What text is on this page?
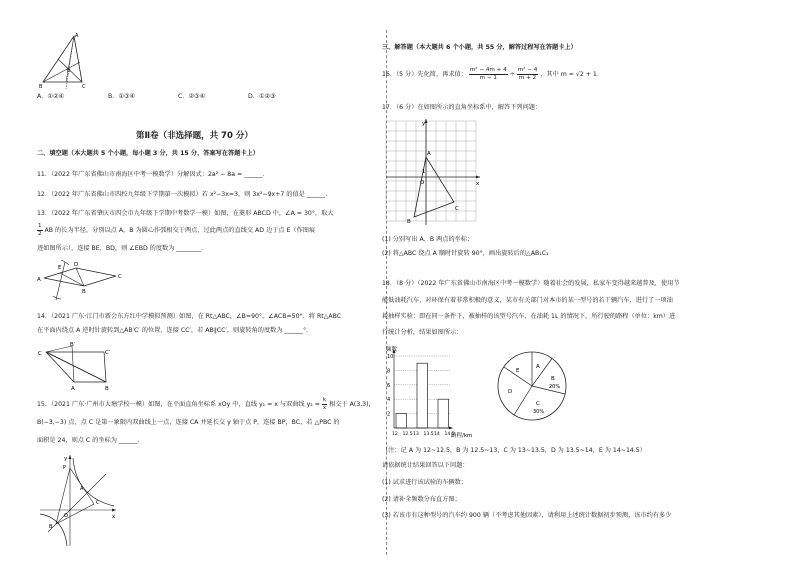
B	C
A
O
A．①②④	B．①③④	C．②③④	D．①②③
第Ⅱ卷（非选择题，共 70 分）
二、填空题（本大题共 5 个小题，每小题 3 分，共 15 分，答案写在答题卡上）
11．（2022 年广东省佛山市南海区中考一模数学）分解因式：2a² − 8a = ______．
12．（2022 年广东省佛山市四校九年级下学期第一次模拟）若 x²−3x=3，则 3x²−9x+7 的值是 ______．
13．（2022 年广东省肇庆市四会市九年级下学期中考数学一模）如图，在菱形 ABCD 中，∠A = 30°，取大
$\frac{1}{2}$ AB 的长为半径，分别以点 A，B 为圆心作弧相交于两点，过此两点的直线交 AD 边于点 E（作图痕
迹如图所示），连接 BE，BD，则 ∠EBD 的度数为 ________．
A
E D
C
B
14．（2021 广东·江门市新会东方红中学模拟预测）如图，在 Rt△ABC，∠B=90°，∠ACB=50°．将 Rt△ABC
在平面内绕点 A 逆时针旋转到△AB′C′ 的位置，连接 CC′，若 AB∥CC′，则旋转角的度数为 ______°．
C
B′
C′
A	B
15．（2021 广东·广州市大塘学校一模）如图，在平面直角坐标系 xOy 中，直线 y₁ = x 与双曲线 $y_2 = \frac{k}{x}$ 相交于 A(3,3)，
B(−3,−3) 点，点 C 是第一象限内双曲线上一点，连接 CA 并延长交 y 轴于点 P，连接 BP，BC，若 △PBC 的
面积是 24，则点 C 的坐标为 ______．
y
x
O
P
A
C
B
三、解答题（本大题共 6 个小题，共 55 分，解答过程写在答题卡上）
16．（5 分）先化简，再求值： $\frac{\text{m² − 4m + 4}}{m - 1} \div \frac{\text{m² − 4}}{m + 2}$ ，其中 m = √2 + 1．
17．（6 分）在如图所示的直角坐标系中，解答下列问题：
y
x
O
1
A
B
C
(1) 分别写出 A、B 两点的坐标；
(2) 将△ABC 绕点 A 顺时针旋转 90°，画出旋转后的△AB₁C₁
18．（8 分）（2022 年广东省佛山市南海区中考一模数学）随着社会的发展，私家车变得越来越普及，使用节
能低油耗汽车，对环保有着非常积极的意义，某市有关部门对本市的某一型号的若干辆汽车，进行了一项油
耗抽样实验：即在同一条件下，被抽样的该型号汽车，在油耗 1L 的情况下，所行驶的路程（单位：km）进
行统计分析，结果如图所示：
2
4
6
8
10
12 12.5 13 13.5 14 14.5
频数
路程/km
A
B
20%
C
30%
D
E
（注：记 A 为 12~12.5，B 为 12.5~13，C 为 13~13.5，D 为 13.5~14，E 为 14~14.5）
请依据统计结果回答以下问题：
(1) 试求进行该试验的车辆数；
(2) 请补全频数分布直方图；
(3) 若该市有这种型号的汽车约 900 辆（不考虑其他因素），请利用上述统计数据初步预测，该市约有多少
